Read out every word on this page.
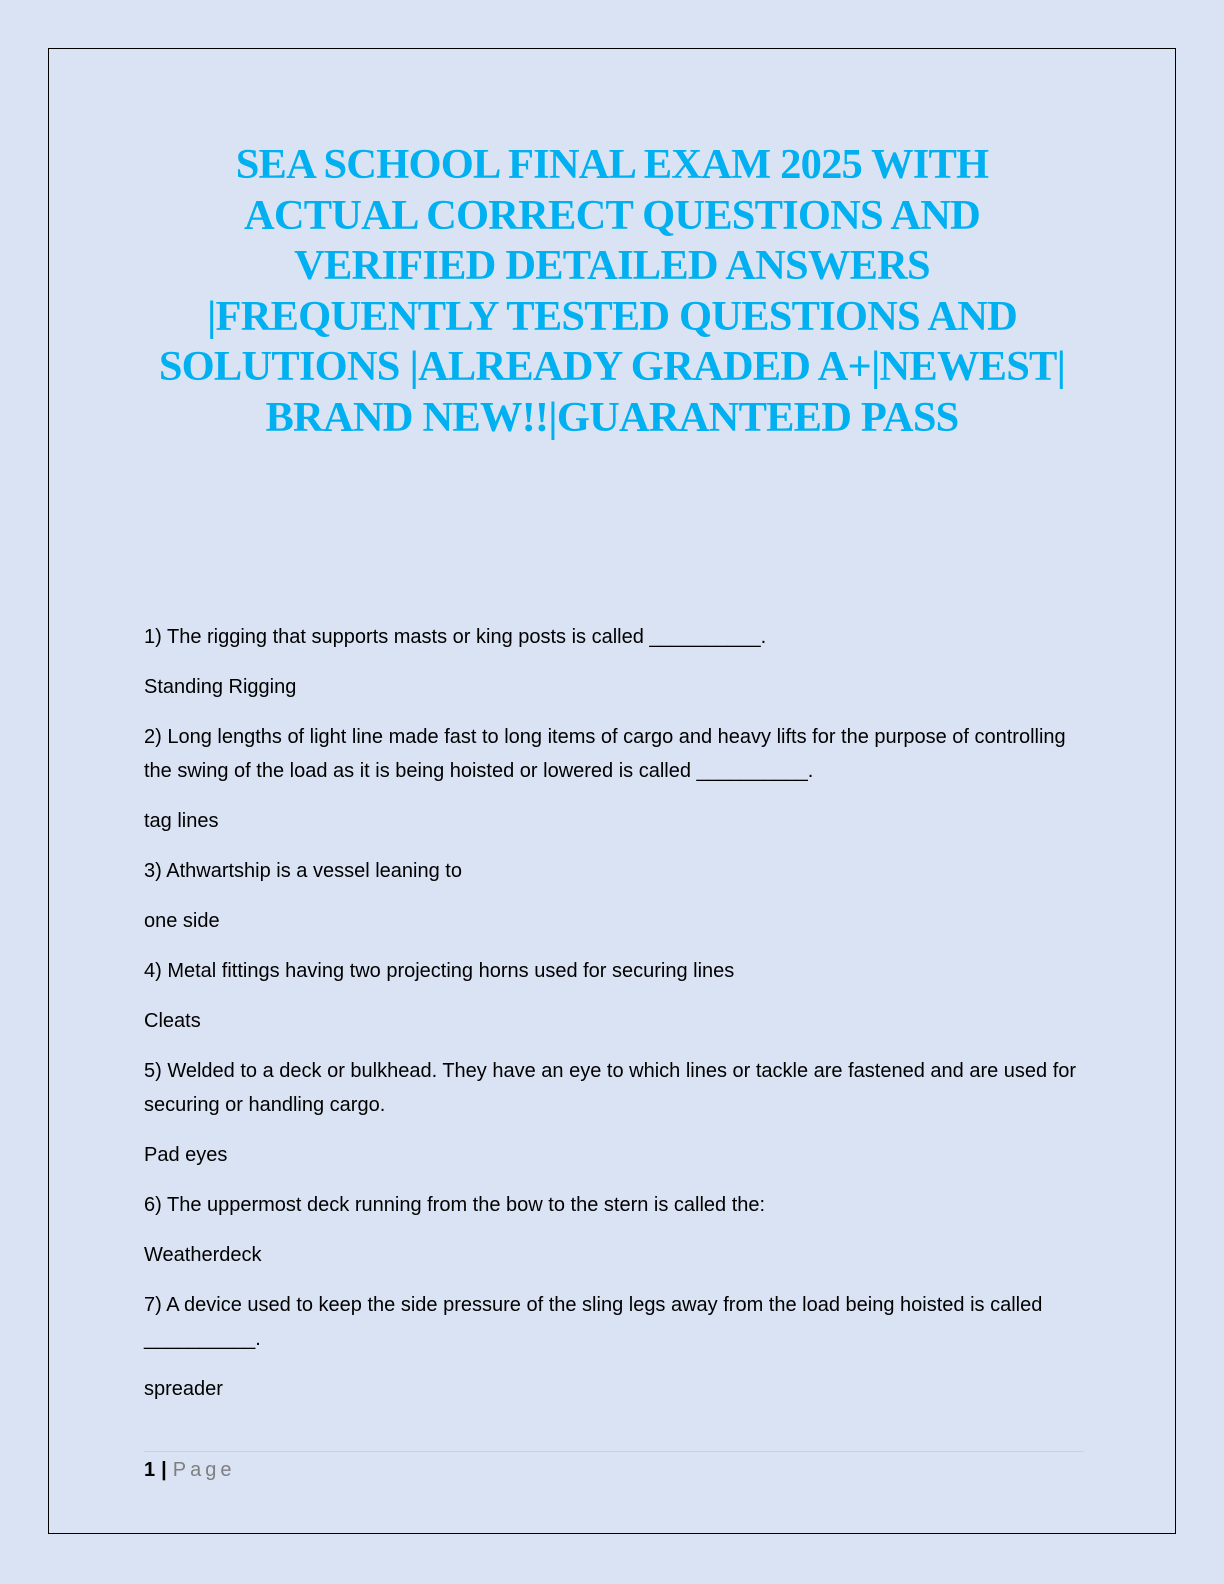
SEA SCHOOL FINAL EXAM 2025 WITH
ACTUAL CORRECT QUESTIONS AND
VERIFIED DETAILED ANSWERS
|FREQUENTLY TESTED QUESTIONS AND
SOLUTIONS |ALREADY GRADED A+|NEWEST|
BRAND NEW!!|GUARANTEED PASS

1) The rigging that supports masts or king posts is called __________.

Standing Rigging

2) Long lengths of light line made fast to long items of cargo and heavy lifts for the purpose of controlling the swing of the load as it is being hoisted or lowered is called __________.

tag lines

3) Athwartship is a vessel leaning to

one side

4) Metal fittings having two projecting horns used for securing lines

Cleats

5) Welded to a deck or bulkhead. They have an eye to which lines or tackle are fastened and are used for securing or handling cargo.

Pad eyes

6) The uppermost deck running from the bow to the stern is called the:

Weatherdeck

7) A device used to keep the side pressure of the sling legs away from the load being hoisted is called __________.

spreader

1 | Page
